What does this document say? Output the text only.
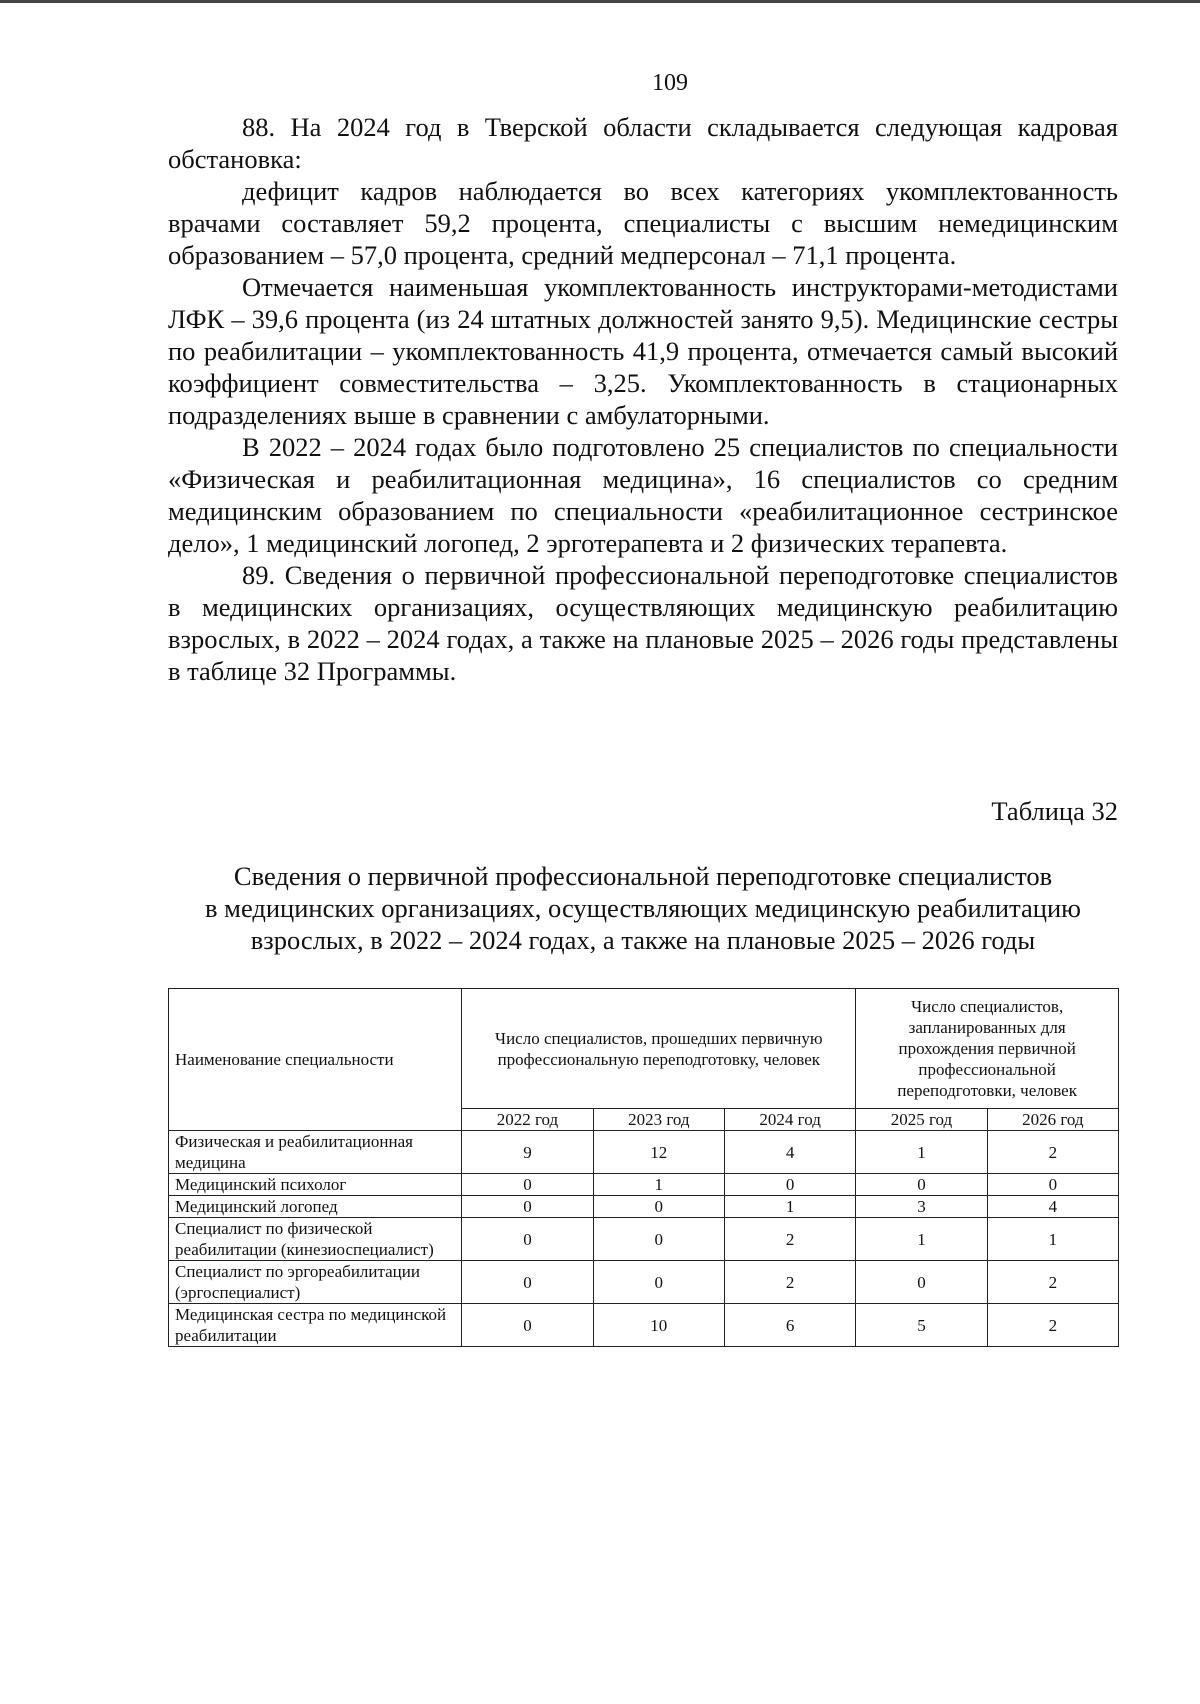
109

88. На 2024 год в Тверской области складывается следующая кадровая обстановка:

дефицит кадров наблюдается во всех категориях укомплектованность врачами составляет 59,2 процента, специалисты с высшим немедицинским образованием – 57,0 процента, средний медперсонал – 71,1 процента.

Отмечается наименьшая укомплектованность инструкторами-методистами ЛФК – 39,6 процента (из 24 штатных должностей занято 9,5). Медицинские сестры по реабилитации – укомплектованность 41,9 процента, отмечается самый высокий коэффициент совместительства – 3,25. Укомплектованность в стационарных подразделениях выше в сравнении с амбулаторными.

В 2022 – 2024 годах было подготовлено 25 специалистов по специальности «Физическая и реабилитационная медицина», 16 специалистов со средним медицинским образованием по специальности «реабилитационное сестринское дело», 1 медицинский логопед, 2 эрготерапевта и 2 физических терапевта.

89. Сведения о первичной профессиональной переподготовке специалистов в медицинских организациях, осуществляющих медицинскую реабилитацию взрослых, в 2022 – 2024 годах, а также на плановые 2025 – 2026 годы представлены в таблице 32 Программы.

Таблица 32
Сведения о первичной профессиональной переподготовке специалистов
в медицинских организациях, осуществляющих медицинскую реабилитацию
взрослых, в 2022 – 2024 годах, а также на плановые 2025 – 2026 годы
Наименование специальности	Число специалистов, прошедших первичную профессиональную переподготовку, человек			Число специалистов, запланированных для прохождения первичной профессиональной переподготовки, человек	
	2022 год	2023 год	2024 год	2025 год	2026 год
Физическая и реабилитационная медицина	9	12	4	1	2
Медицинский психолог	0	1	0	0	0
Медицинский логопед	0	0	1	3	4
Специалист по физической реабилитации (кинезиоспециалист)	0	0	2	1	1
Специалист по эргореабилитации (эргоспециалист)	0	0	2	0	2
Медицинская сестра по медицинской реабилитации	0	10	6	5	2
